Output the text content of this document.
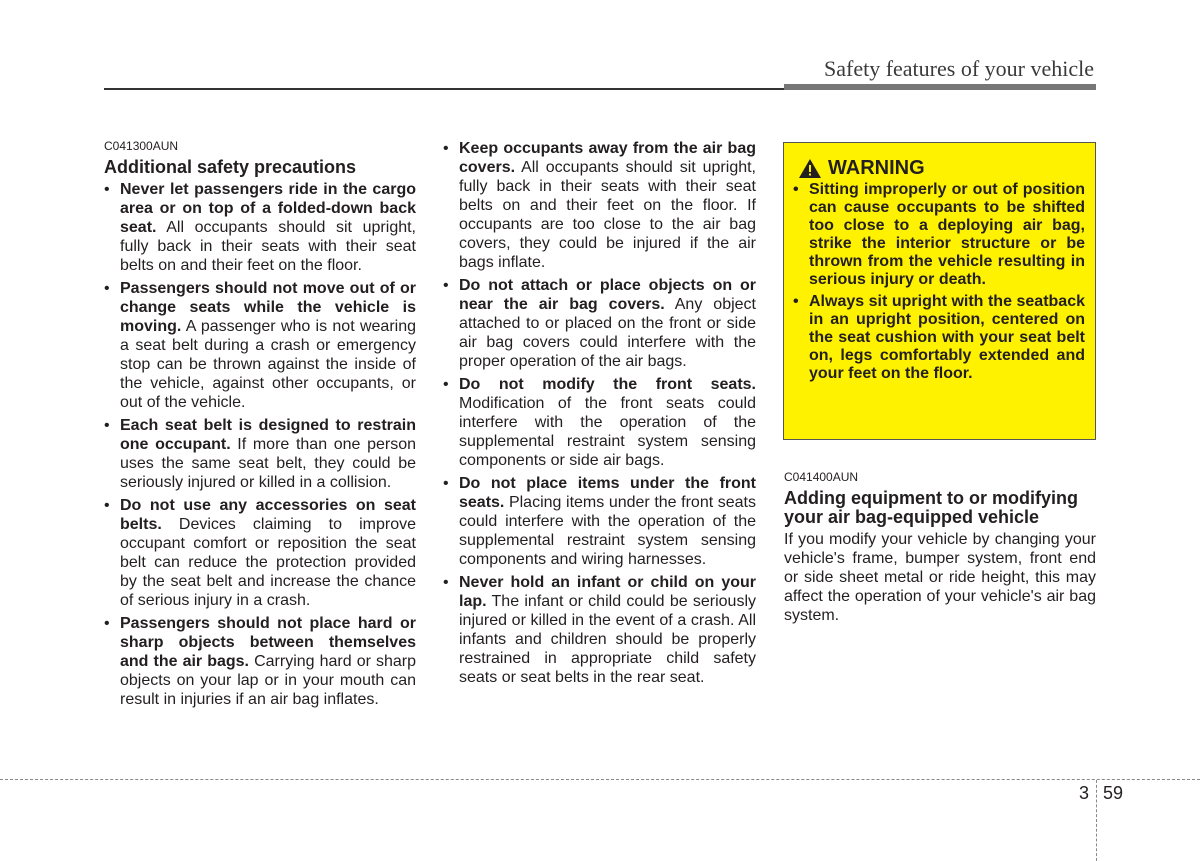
Safety features of your vehicle
C041300AUN
Additional safety precautions
• Never let passengers ride in the cargo area or on top of a folded-down back seat. All occupants should sit upright, fully back in their seats with their seat belts on and their feet on the floor.
• Passengers should not move out of or change seats while the vehicle is moving. A passenger who is not wearing a seat belt during a crash or emergency stop can be thrown against the inside of the vehicle, against other occupants, or out of the vehicle.
• Each seat belt is designed to restrain one occupant. If more than one person uses the same seat belt, they could be seriously injured or killed in a collision.
• Do not use any accessories on seat belts. Devices claiming to improve occupant comfort or reposition the seat belt can reduce the protection provided by the seat belt and increase the chance of serious injury in a crash.
• Passengers should not place hard or sharp objects between themselves and the air bags. Carrying hard or sharp objects on your lap or in your mouth can result in injuries if an air bag inflates.
• Keep occupants away from the air bag covers. All occupants should sit upright, fully back in their seats with their seat belts on and their feet on the floor. If occupants are too close to the air bag covers, they could be injured if the air bags inflate.
• Do not attach or place objects on or near the air bag covers. Any object attached to or placed on the front or side air bag covers could interfere with the proper operation of the air bags.
• Do not modify the front seats. Modification of the front seats could interfere with the operation of the supplemental restraint system sensing components or side air bags.
• Do not place items under the front seats. Placing items under the front seats could interfere with the operation of the supplemental restraint system sensing components and wiring harnesses.
• Never hold an infant or child on your lap. The infant or child could be seriously injured or killed in the event of a crash. All infants and children should be properly restrained in appropriate child safety seats or seat belts in the rear seat.
WARNING
• Sitting improperly or out of position can cause occupants to be shifted too close to a deploying air bag, strike the interior structure or be thrown from the vehicle resulting in serious injury or death.
• Always sit upright with the seatback in an upright position, centered on the seat cushion with your seat belt on, legs comfortably extended and your feet on the floor.
C041400AUN
Adding equipment to or modifying your air bag-equipped vehicle

If you modify your vehicle by changing your vehicle's frame, bumper system, front end or side sheet metal or ride height, this may affect the operation of your vehicle's air bag system.

3 59
